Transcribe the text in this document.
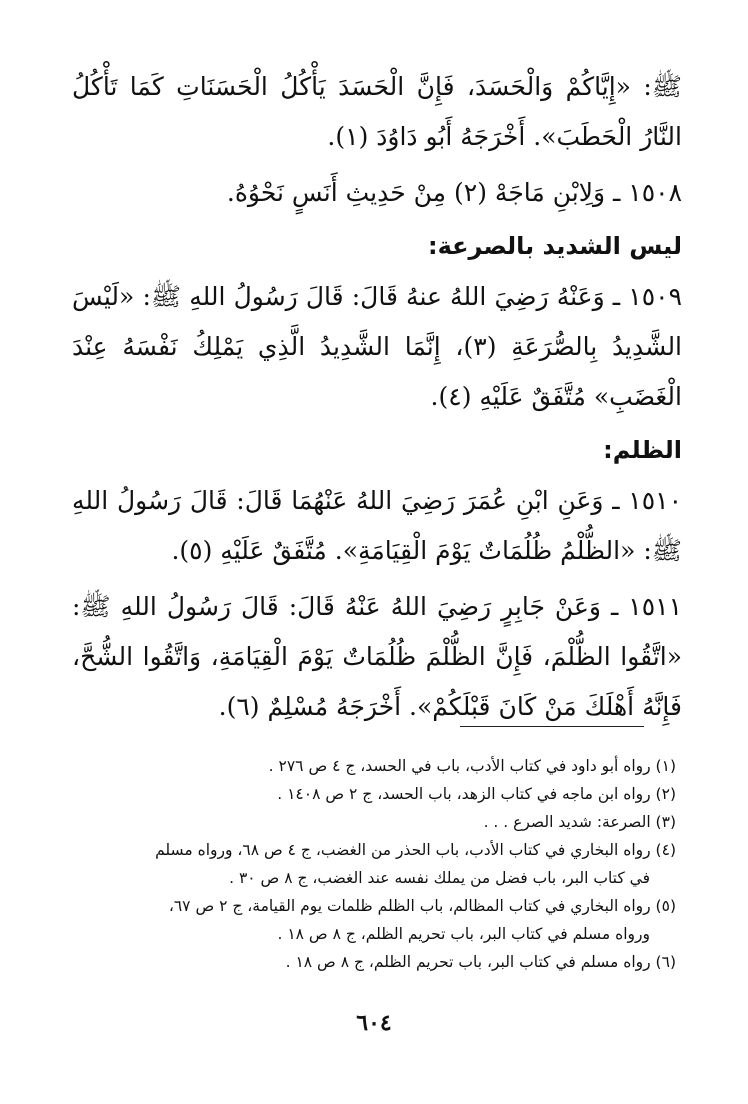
ﷺ: «إِيَّاكُمْ وَالْحَسَدَ، فَإِنَّ الْحَسَدَ يَأْكُلُ الْحَسَنَاتِ كَمَا تَأْكُلُ النَّارُ الْحَطَبَ». أَخْرَجَهُ أَبُو دَاوُدَ (١).

١٥٠٨ ـ وَلِابْنِ مَاجَهْ (٢) مِنْ حَدِيثِ أَنَسٍ نَحْوُهُ.

ليس الشديد بالصرعة:

١٥٠٩ ـ وَعَنْهُ رَضِيَ اللهُ عنهُ قَالَ: قَالَ رَسُولُ اللهِ ﷺ: «لَيْسَ الشَّدِيدُ بِالصُّرَعَةِ (٣)، إِنَّمَا الشَّدِيدُ الَّذِي يَمْلِكُ نَفْسَهُ عِنْدَ الْغَضَبِ» مُتَّفَقٌ عَلَيْهِ (٤).

الظلم:

١٥١٠ ـ وَعَنِ ابْنِ عُمَرَ رَضِيَ اللهُ عَنْهُمَا قَالَ: قَالَ رَسُولُ اللهِ ﷺ: «الظُّلْمُ ظُلُمَاتٌ يَوْمَ الْقِيَامَةِ». مُتَّفَقٌ عَلَيْهِ (٥).

١٥١١ ـ وَعَنْ جَابِرٍ رَضِيَ اللهُ عَنْهُ قَالَ: قَالَ رَسُولُ اللهِ ﷺ: «اتَّقُوا الظُّلْمَ، فَإِنَّ الظُّلْمَ ظُلُمَاتٌ يَوْمَ الْقِيَامَةِ، وَاتَّقُوا الشُّحَّ، فَإِنَّهُ أَهْلَكَ مَنْ كَانَ قَبْلَكُمْ». أَخْرَجَهُ مُسْلِمٌ (٦).

(١) رواه أبو داود في كتاب الأدب، باب في الحسد، ج ٤ ص ٢٧٦ .

(٢) رواه ابن ماجه في كتاب الزهد، باب الحسد، ج ٢ ص ١٤٠٨ .

(٣) الصرعة: شديد الصرع . . .

(٤) رواه البخاري في كتاب الأدب، باب الحذر من الغضب، ج ٤ ص ٦٨، ورواه مسلم
في كتاب البر، باب فضل من يملك نفسه عند الغضب، ج ٨ ص ٣٠ .

(٥) رواه البخاري في كتاب المظالم، باب الظلم ظلمات يوم القيامة، ج ٢ ص ٦٧،
ورواه مسلم في كتاب البر، باب تحريم الظلم، ج ٨ ص ١٨ .

(٦) رواه مسلم في كتاب البر، باب تحريم الظلم، ج ٨ ص ١٨ .

٦٠٤
